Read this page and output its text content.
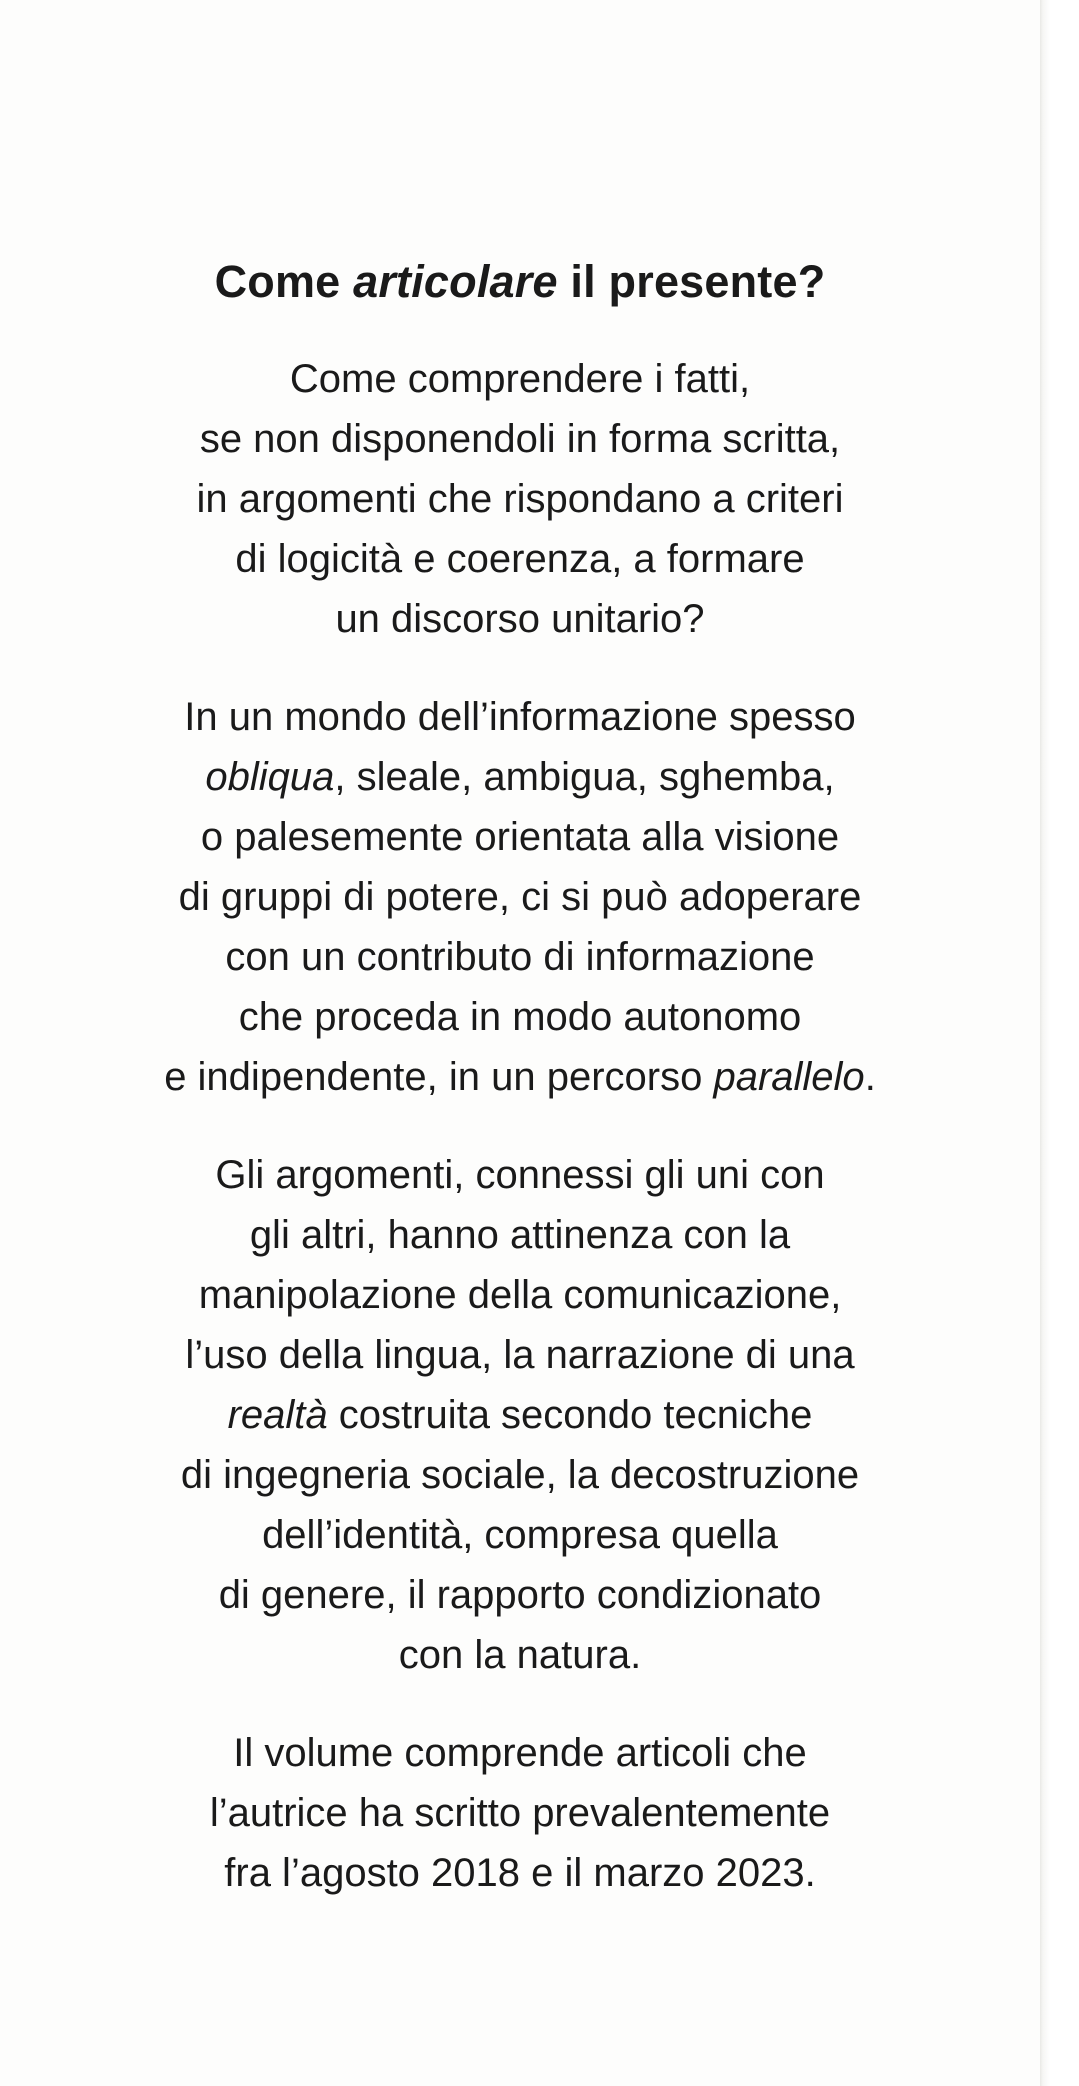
Come articolare il presente?

Come comprendere i fatti,
se non disponendoli in forma scritta,
in argomenti che rispondano a criteri
di logicità e coerenza, a formare
un discorso unitario?

In un mondo dell’informazione spesso
obliqua, sleale, ambigua, sghemba,
o palesemente orientata alla visione
di gruppi di potere, ci si può adoperare
con un contributo di informazione
che proceda in modo autonomo
e indipendente, in un percorso parallelo.

Gli argomenti, connessi gli uni con
gli altri, hanno attinenza con la
manipolazione della comunicazione,
l’uso della lingua, la narrazione di una
realtà costruita secondo tecniche
di ingegneria sociale, la decostruzione
dell’identità, compresa quella
di genere, il rapporto condizionato
con la natura.

Il volume comprende articoli che
l’autrice ha scritto prevalentemente
fra l’agosto 2018 e il marzo 2023.
